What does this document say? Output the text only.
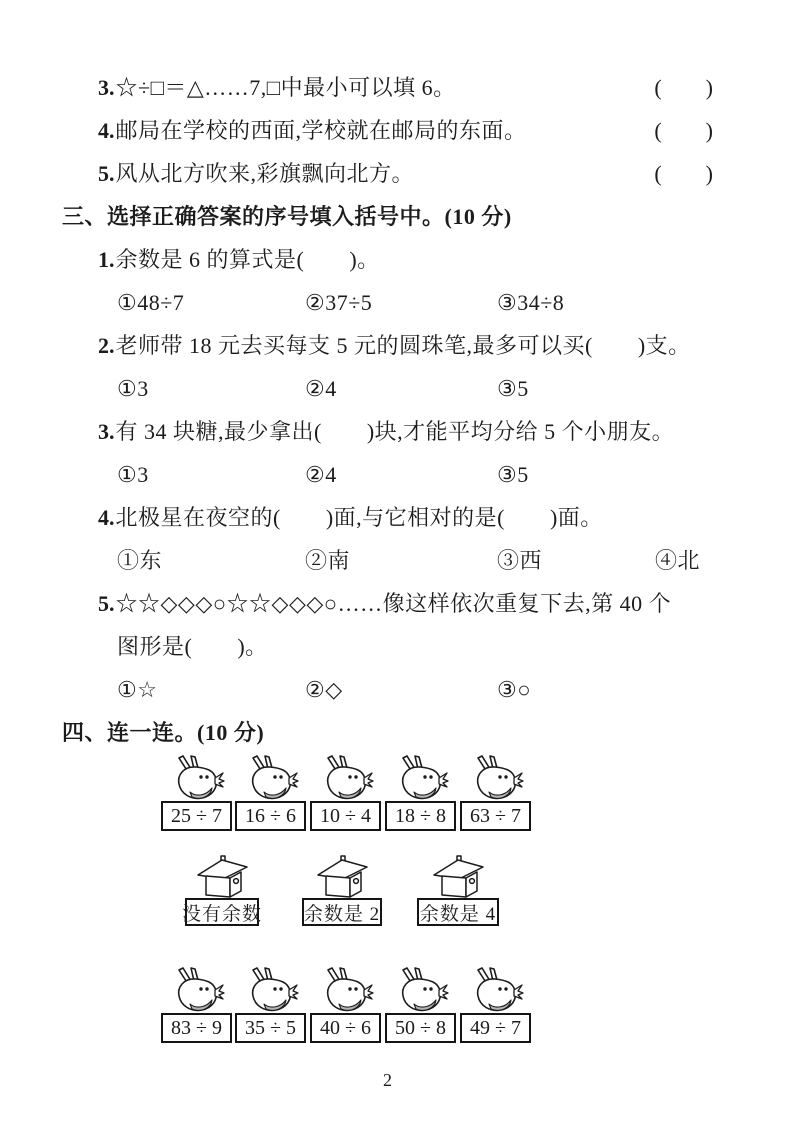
3.☆÷□＝△……7,□中最小可以填 6。	(　　)
4.邮局在学校的西面,学校就在邮局的东面。	(　　)
5.风从北方吹来,彩旗飘向北方。	(　　)
三、选择正确答案的序号填入括号中。(10 分)
1.余数是 6 的算式是(　　)。
①48÷7	②37÷5	③34÷8
2.老师带 18 元去买每支 5 元的圆珠笔,最多可以买(　　)支。
①3	②4	③5
3.有 34 块糖,最少拿出(　　)块,才能平均分给 5 个小朋友。
①3	②4	③5
4.北极星在夜空的(　　)面,与它相对的是(　　)面。
①东	②南	③西	④北
5.☆☆◇◇◇○☆☆◇◇◇○……像这样依次重复下去,第 40 个
图形是(　　)。
①☆	②◇	③○
四、连一连。(10 分)
25 ÷ 7	16 ÷ 6	10 ÷ 4	18 ÷ 8	63 ÷ 7
没有余数 余数是 2 余数是 4
83 ÷ 9	35 ÷ 5	40 ÷ 6	50 ÷ 8	49 ÷ 7
2
